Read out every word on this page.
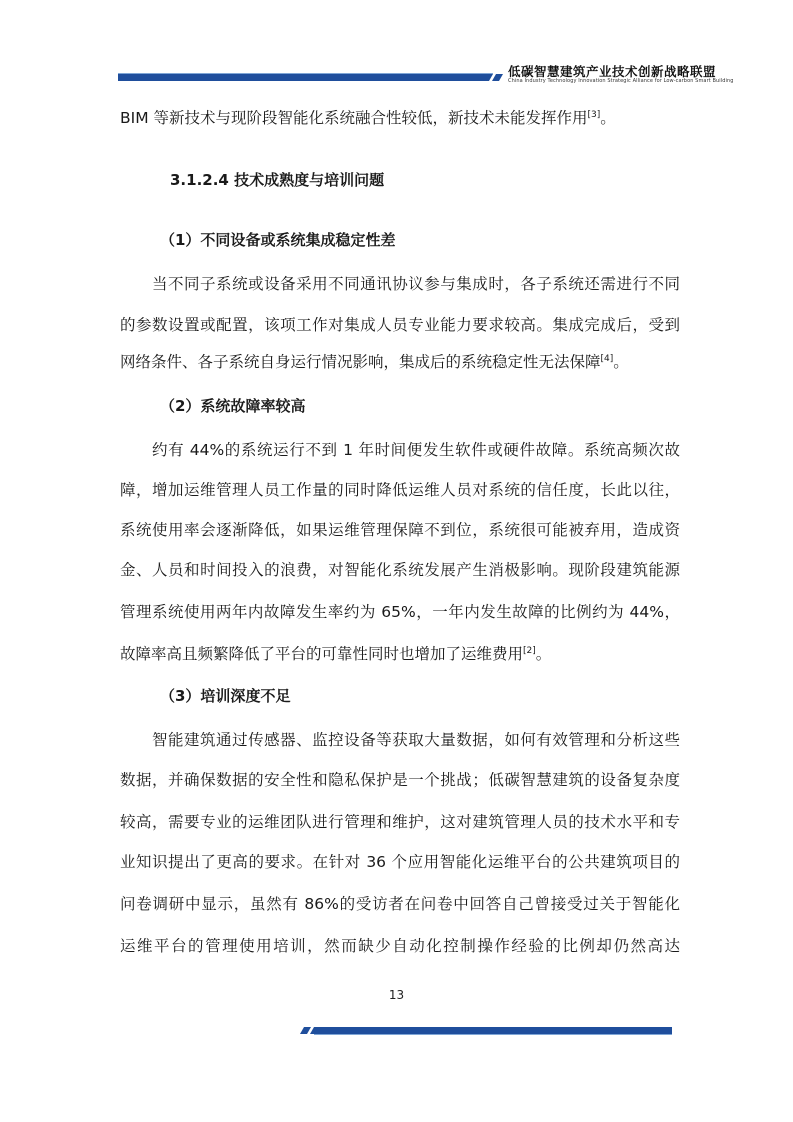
低碳智慧建筑产业技术创新战略联盟
China Industry Technology Innovation Strategic Alliance for Low-carbon Smart Building
BIM 等新技术与现阶段智能化系统融合性较低，新技术未能发挥作用[3]。
3.1.2.4 技术成熟度与培训问题
（1）不同设备或系统集成稳定性差
当不同子系统或设备采用不同通讯协议参与集成时，各子系统还需进行不同
的参数设置或配置，该项工作对集成人员专业能力要求较高。集成完成后，受到
网络条件、各子系统自身运行情况影响，集成后的系统稳定性无法保障[4]。
（2）系统故障率较高
约有 44%的系统运行不到 1 年时间便发生软件或硬件故障。系统高频次故
障，增加运维管理人员工作量的同时降低运维人员对系统的信任度，长此以往，
系统使用率会逐渐降低，如果运维管理保障不到位，系统很可能被弃用，造成资
金、人员和时间投入的浪费，对智能化系统发展产生消极影响。现阶段建筑能源
管理系统使用两年内故障发生率约为 65%，一年内发生故障的比例约为 44%，
故障率高且频繁降低了平台的可靠性同时也增加了运维费用[2]。
（3）培训深度不足
智能建筑通过传感器、监控设备等获取大量数据，如何有效管理和分析这些
数据，并确保数据的安全性和隐私保护是一个挑战；低碳智慧建筑的设备复杂度
较高，需要专业的运维团队进行管理和维护，这对建筑管理人员的技术水平和专
业知识提出了更高的要求。在针对 36 个应用智能化运维平台的公共建筑项目的
问卷调研中显示，虽然有 86%的受访者在问卷中回答自己曾接受过关于智能化
运维平台的管理使用培训，然而缺少自动化控制操作经验的比例却仍然高达
13
